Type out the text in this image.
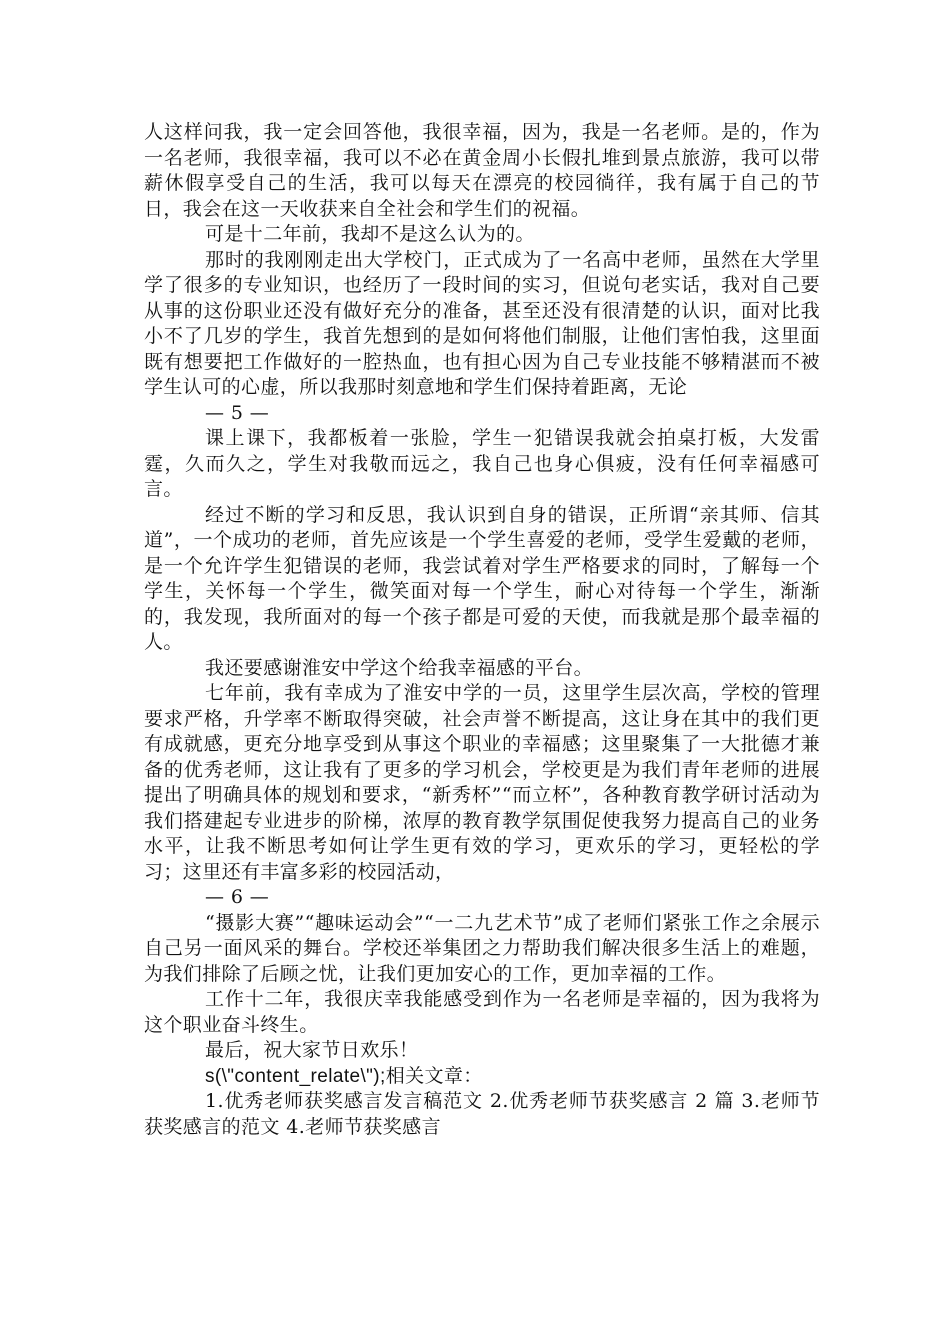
人这样问我，我一定会回答他，我很幸福，因为，我是一名老师。是的，作为一名老师，我很幸福，我可以不必在黄金周小长假扎堆到景点旅游，我可以带薪休假享受自己的生活，我可以每天在漂亮的校园徜徉，我有属于自己的节日，我会在这一天收获来自全社会和学生们的祝福。

可是十二年前，我却不是这么认为的。

那时的我刚刚走出大学校门，正式成为了一名高中老师，虽然在大学里学了很多的专业知识，也经历了一段时间的实习，但说句老实话，我对自己要从事的这份职业还没有做好充分的准备，甚至还没有很清楚的认识，面对比我小不了几岁的学生，我首先想到的是如何将他们制服，让他们害怕我，这里面既有想要把工作做好的一腔热血，也有担心因为自己专业技能不够精湛而不被学生认可的心虚，所以我那时刻意地和学生们保持着距离，无论

— 5 —

课上课下，我都板着一张脸，学生一犯错误我就会拍桌打板，大发雷霆，久而久之，学生对我敬而远之，我自己也身心俱疲，没有任何幸福感可言。

经过不断的学习和反思，我认识到自身的错误，正所谓“亲其师、信其道”，一个成功的老师，首先应该是一个学生喜爱的老师，受学生爱戴的老师，是一个允许学生犯错误的老师，我尝试着对学生严格要求的同时，了解每一个学生，关怀每一个学生，微笑面对每一个学生，耐心对待每一个学生，渐渐的，我发现，我所面对的每一个孩子都是可爱的天使，而我就是那个最幸福的人。

我还要感谢淮安中学这个给我幸福感的平台。

七年前，我有幸成为了淮安中学的一员，这里学生层次高，学校的管理要求严格，升学率不断取得突破，社会声誉不断提高，这让身在其中的我们更有成就感，更充分地享受到从事这个职业的幸福感；这里聚集了一大批德才兼备的优秀老师，这让我有了更多的学习机会，学校更是为我们青年老师的进展提出了明确具体的规划和要求，“新秀杯”“而立杯”，各种教育教学研讨活动为我们搭建起专业进步的阶梯，浓厚的教育教学氛围促使我努力提高自己的业务水平，让我不断思考如何让学生更有效的学习，更欢乐的学习，更轻松的学习；这里还有丰富多彩的校园活动，

— 6 —

“摄影大赛”“趣味运动会”“一二九艺术节”成了老师们紧张工作之余展示自己另一面风采的舞台。学校还举集团之力帮助我们解决很多生活上的难题，为我们排除了后顾之忧，让我们更加安心的工作，更加幸福的工作。

工作十二年，我很庆幸我能感受到作为一名老师是幸福的，因为我将为这个职业奋斗终生。

最后，祝大家节日欢乐！

s(\"content_relate\");相关文章：

1.优秀老师获奖感言发言稿范文 2.优秀老师节获奖感言 2 篇 3.老师节获奖感言的范文 4.老师节获奖感言
